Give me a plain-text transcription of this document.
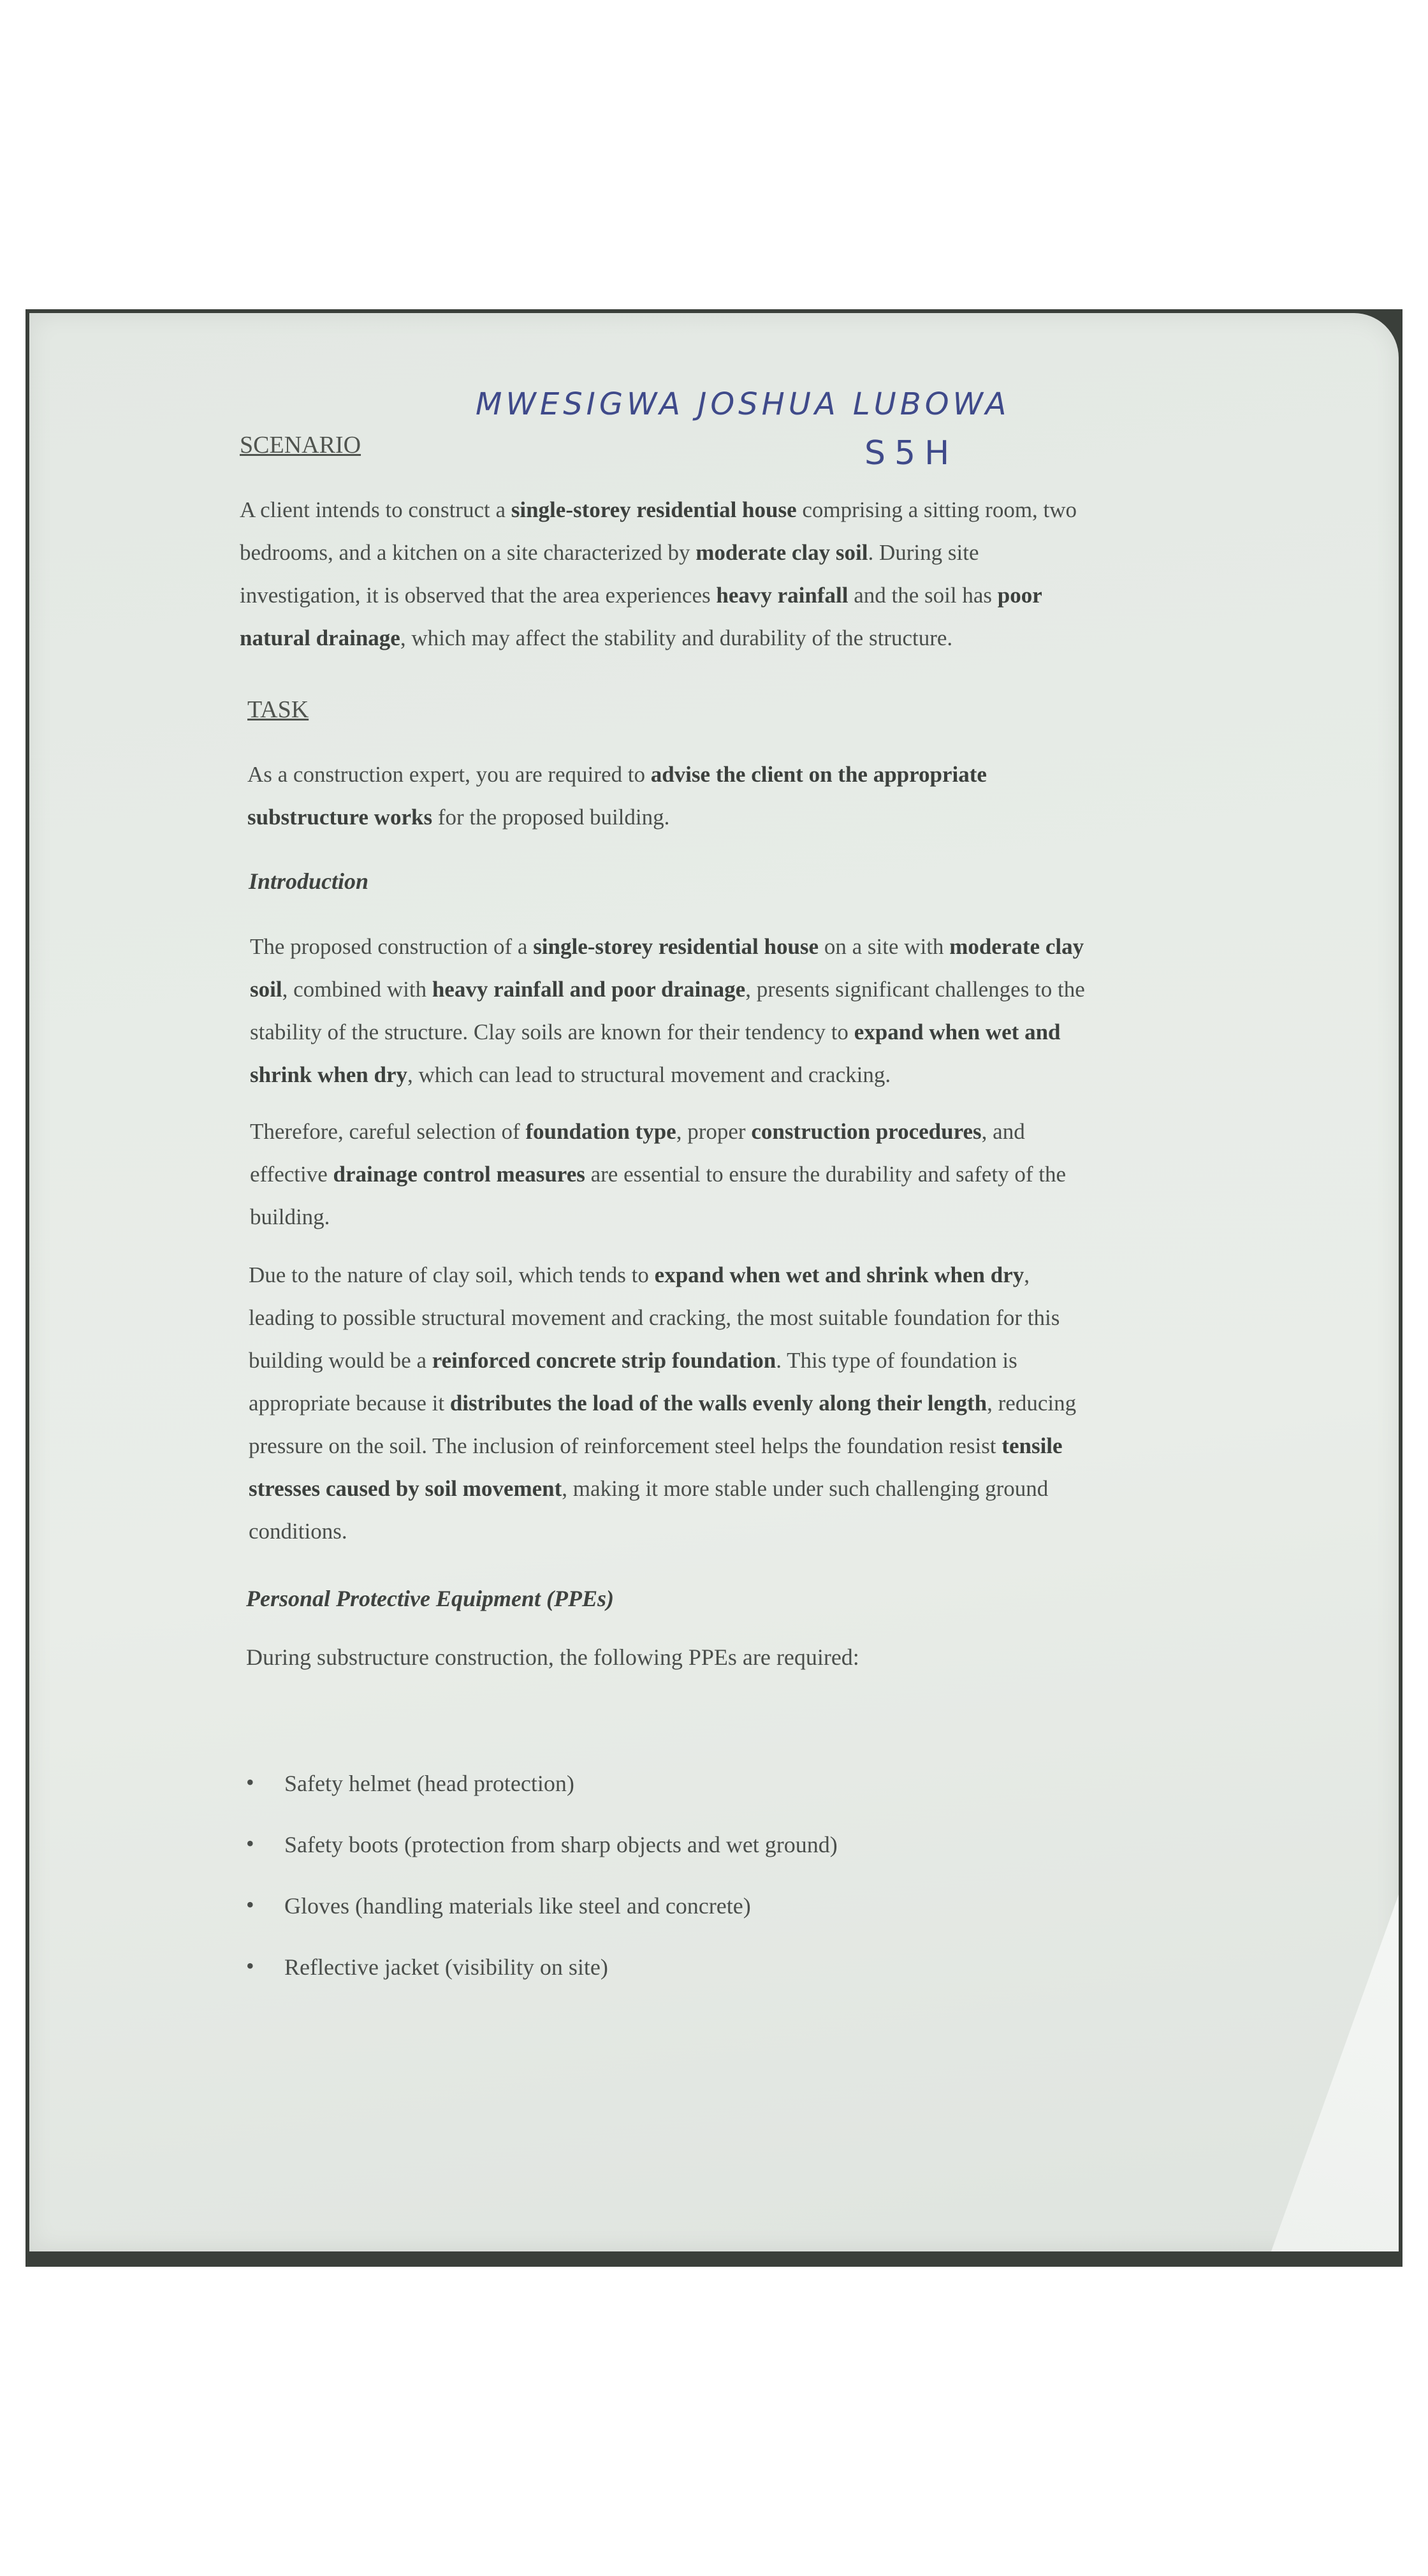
MWESIGWA JOSHUA LUBOWA
S5H
SCENARIO
A client intends to construct a single-storey residential house comprising a sitting room, two
bedrooms, and a kitchen on a site characterized by moderate clay soil. During site
investigation, it is observed that the area experiences heavy rainfall and the soil has poor
natural drainage, which may affect the stability and durability of the structure.
TASK
As a construction expert, you are required to advise the client on the appropriate
substructure works for the proposed building.
Introduction
The proposed construction of a single-storey residential house on a site with moderate clay
soil, combined with heavy rainfall and poor drainage, presents significant challenges to the
stability of the structure. Clay soils are known for their tendency to expand when wet and
shrink when dry, which can lead to structural movement and cracking.
Therefore, careful selection of foundation type, proper construction procedures, and
effective drainage control measures are essential to ensure the durability and safety of the
building.
Due to the nature of clay soil, which tends to expand when wet and shrink when dry,
leading to possible structural movement and cracking, the most suitable foundation for this
building would be a reinforced concrete strip foundation. This type of foundation is
appropriate because it distributes the load of the walls evenly along their length, reducing
pressure on the soil. The inclusion of reinforcement steel helps the foundation resist tensile
stresses caused by soil movement, making it more stable under such challenging ground
conditions.
Personal Protective Equipment (PPEs)
During substructure construction, the following PPEs are required:
• Safety helmet (head protection)
• Safety boots (protection from sharp objects and wet ground)
• Gloves (handling materials like steel and concrete)
• Reflective jacket (visibility on site)
